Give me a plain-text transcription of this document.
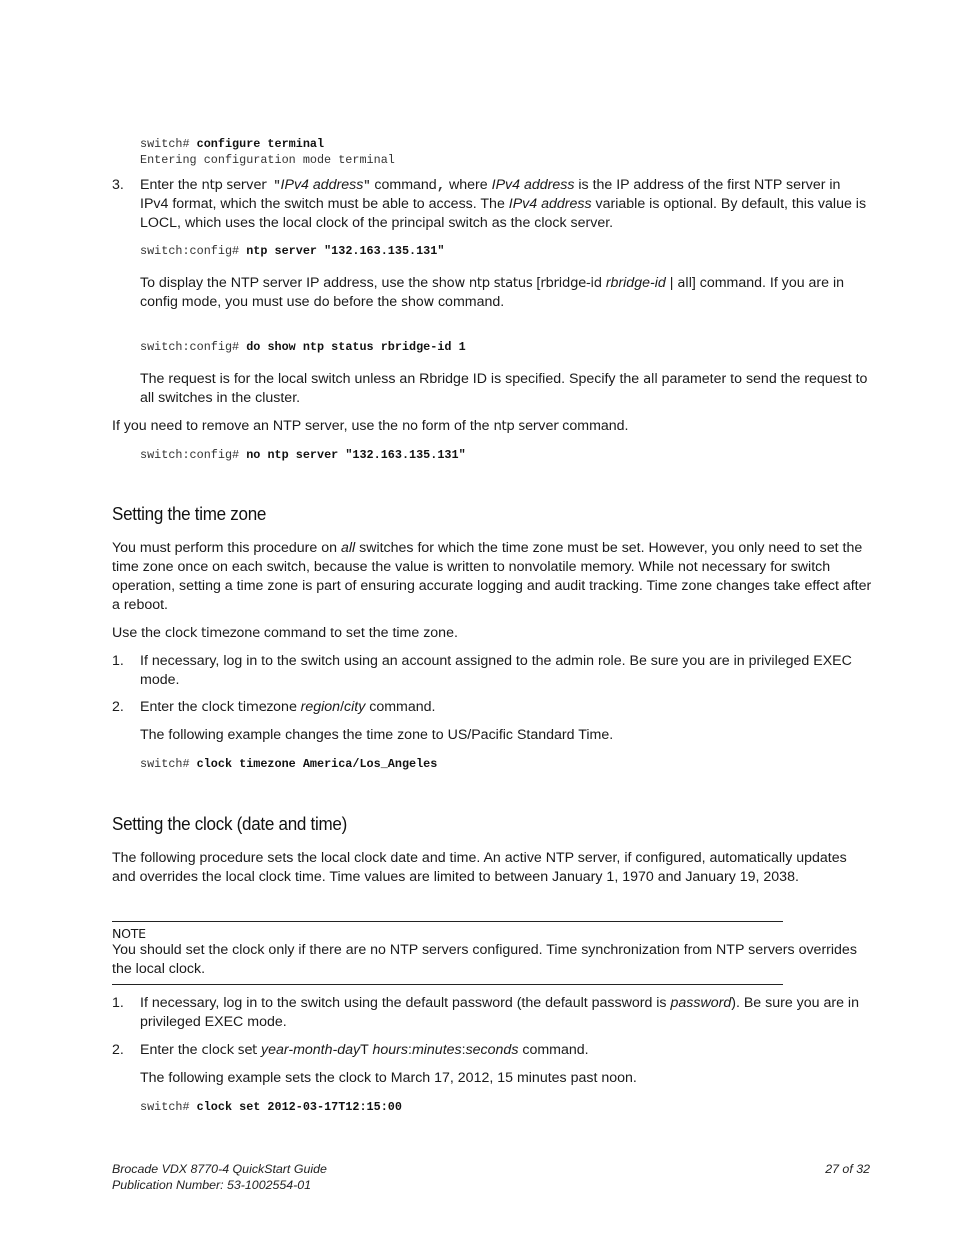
switch# configure terminal
Entering configuration mode terminal
3.	Enter the ntp server "IPv4 address" command, where IPv4 address is the IP address of the first NTP server in IPv4 format, which the switch must be able to access. The IPv4 address variable is optional. By default, this value is LOCL, which uses the local clock of the principal switch as the clock server.
switch:config# ntp server "132.163.135.131"
To display the NTP server IP address, use the show ntp status [rbridge-id rbridge-id | all] command. If you are in config mode, you must use do before the show command.
switch:config# do show ntp status rbridge-id 1
The request is for the local switch unless an Rbridge ID is specified. Specify the all parameter to send the request to all switches in the cluster.
If you need to remove an NTP server, use the no form of the ntp server command.
switch:config# no ntp server "132.163.135.131"
Setting the time zone
You must perform this procedure on all switches for which the time zone must be set. However, you only need to set the time zone once on each switch, because the value is written to nonvolatile memory. While not necessary for switch operation, setting a time zone is part of ensuring accurate logging and audit tracking. Time zone changes take effect after a reboot.
Use the clock timezone command to set the time zone.
1.	If necessary, log in to the switch using an account assigned to the admin role. Be sure you are in privileged EXEC mode.
2.	Enter the clock timezone region/city command.
The following example changes the time zone to US/Pacific Standard Time.
switch# clock timezone America/Los_Angeles
Setting the clock (date and time)
The following procedure sets the local clock date and time. An active NTP server, if configured, automatically updates and overrides the local clock time. Time values are limited to between January 1, 1970 and January 19, 2038.
NOTE
You should set the clock only if there are no NTP servers configured. Time synchronization from NTP servers overrides the local clock.
1.	If necessary, log in to the switch using the default password (the default password is password). Be sure you are in privileged EXEC mode.
2.	Enter the clock set year-month-dayT hours:minutes:seconds command.
The following example sets the clock to March 17, 2012, 15 minutes past noon.
switch# clock set 2012-03-17T12:15:00
Brocade VDX 8770-4 QuickStart Guide
Publication Number: 53-1002554-01
27 of 32
